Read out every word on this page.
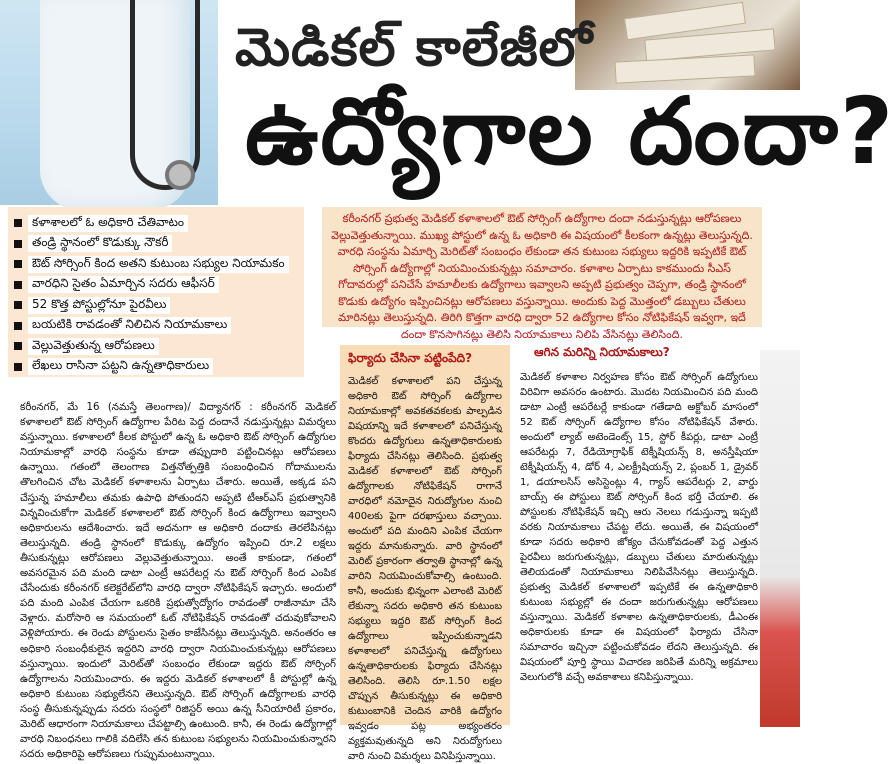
మెడికల్ కాలేజీలో
ఉద్యోగాల దందా?
కళాశాలలో ఓ అధికారి చేతివాటం
తండ్రి స్థానంలో కొడుక్కు నౌకరీ
ఔట్ సోర్సింగ్ కింద అతని కుటుంబ సభ్యుల నియామకం
వారధిని సైతం ఏమార్చిన సదరు ఆఫీసర్
52 కొత్త పోస్టుల్లోనూ పైరవీలు
బయటికి రావడంతో నిలిచిన నియామకాలు
వెల్లువెత్తుతున్న ఆరోపణలు
లేఖలు రాసినా పట్టని ఉన్నతాధికారులు

కరీంనగర్ ప్రభుత్వ మెడికల్ కళాశాలలో ఔట్ సోర్సింగ్ ఉద్యోగాల దందా నడుస్తున్నట్లు ఆరోపణలు వెల్లువెత్తుతున్నాయి. ముఖ్య పోస్టులో ఉన్న ఓ అధికారి ఈ విషయంలో కీలకంగా ఉన్నట్లు తెలుస్తున్నది. వారధి సంస్థను ఏమార్చి మెరిట్‌తో సంబంధం లేకుండా తన కుటుంబ సభ్యులు ఇద్దరికి ఇప్పటికే ఔట్ సోర్సింగ్ ఉద్యోగాల్లో నియమించుకున్నట్లు సమాచారం. కళాశాల ఏర్పాటు కాకముందు సీఎస్ గోదావరుల్లో పనిచేసే హమాలీలకు ఉద్యోగాలు ఇవ్వాలని అప్పటి ప్రభుత్వం చెప్పగా, తండ్రి స్థానంలో కొడుకు ఉద్యోగం ఇప్పించినట్లు ఆరోపణలు వస్తున్నాయి. అందుకు పెద్ద మొత్తంలో డబ్బులు చేతులు మారినట్లు తెలుస్తున్నది. తిరిగి కొత్తగా వారధి ద్వారా 52 ఉద్యోగాల కోసం నోటిఫికేషన్ ఇవ్వగా, ఇదే దందా కొనసాగినట్లు తెలిసి నియామకాలు నిలిపి వేసినట్లు తెలిసింది.

కరీంనగర్, మే 16 (నమస్తే తెలంగాణ)/ విద్యానగర్ : కరీంనగర్ మెడికల్ కళాశాలలో ఔట్ సోర్సింగ్ ఉద్యోగాల పేరిట పెద్ద దందానే నడుస్తున్నట్లు విమర్శలు వస్తున్నాయి. కళాశాలలో కీలక పోస్టులో ఉన్న ఓ అధికారి ఔట్ సోర్సింగ్ ఉద్యోగుల నియామకాల్లో వారధి సంస్థను కూడా తప్పుదారి పట్టించినట్లు ఆరోపణలు ఉన్నాయి. గతంలో తెలంగాణ విత్తనోత్పత్తికి సంబంధించిన గోదాములను తొలగించిన చోట మెడికల్ కళాశాలను ఏర్పాటు చేశారు. అయితే, అక్కడ పని చేస్తున్న హమాలీలు తమకు ఉపాధి పోతుందని అప్పటి టీఆర్ఎస్ ప్రభుత్వానికి విన్నవించుకోగా మెడికల్ కళాశాలలో ఔట్ సోర్సింగ్ కింద ఉద్యోగాలు ఇవ్వాలని అధికారులను ఆదేశించారు. ఇదే అదనుగా ఆ అధికారి దందాకు తెరలేపినట్లు తెలుస్తున్నది. తండ్రి స్థానంలో కొడుక్కు ఉద్యోగం ఇప్పించి రూ.2 లక్షలు తీసుకున్నట్లు ఆరోపణలు వెల్లువెత్తుతున్నాయి. అంతే కాకుండా, గతంలో అవసరమైన పది మంది డాటా ఎంట్రీ ఆపరేటర్ల ను ఔట్ సోర్సింగ్ కింద ఎంపిక చేసేందుకు కరీంనగర్ కలెక్టరేట్‌లోని వారధి ద్వారా నోటిఫికేషన్ ఇచ్చారు. అందులో పది మంది ఎంపిక చేయగా ఒకరికి ప్రభుత్వోద్యోగం రావడంతో రాజీనామా చేసి వెళ్లారు. మరోసారి ఆ సమయంలో ఓట్ నోటిఫికేషన్ రావడంతో చదువుకోవాలని వెళ్లిపోయారు. ఈ రెండు పోస్టులను సైతం కాజేసినట్లు తెలుస్తున్నది. అనంతరం ఆ అధికారి సంబంధీకులైన ఇద్దరిని వారధి ద్వారా నియమించుకున్నట్లు ఆరోపణలు వస్తున్నాయి. ఇందులో మెరిట్‌తో సంబంధం లేకుండా ఇద్దరు ఔట్ సోర్సింగ్ ఉద్యోగాలను నియమించారు. ఈ ఇద్దరు మెడికల్ కళాశాలలో కీ పోస్టుల్లో ఉన్న అధికారి కుటుంబ సభ్యులేనని తెలుస్తున్నది. ఔట్ సోర్సింగ్ ఉద్యోగాలకు వారధి సంస్థ తీసుకున్నప్పుడు సదరు సంస్థలో రిజిస్టర్ అయి ఉన్న సీనియారిటీ ప్రకారం, మెరిట్ ఆధారంగా నియామకాలు చేపట్టాల్సి ఉంటుంది. కానీ, ఈ రెండు ఉద్యోగాల్లో వారధి నిబంధనలు గాలికి వదిలేసి తన కుటుంబ సభ్యులను నియమించుకున్నారని సదరు అధికారిపై ఆరోపణలు గుప్పుమంటున్నాయి.

ఫిర్యాదు చేసినా పట్టింపేది?

మెడికల్ కళాశాలలో పని చేస్తున్న అధికారి ఔట్ సోర్సింగ్ ఉద్యోగాల నియామకాల్లో అవకతవకలకు పాల్పడిన విషయాన్ని ఇదే కళాశాలలో పనిచేస్తున్న కొందరు ఉద్యోగులు ఉన్నతాధికారులకు ఫిర్యాదు చేసినట్లు తెలిసింది. ప్రభుత్వ మెడికల్ కళాశాలలో ఔట్ సోర్సింగ్ ఉద్యోగాలకు నోటిఫికేషన్ రాగానే వారధిలో నమోదైన నిరుద్యోగుల నుంచి 400లకు పైగా దరఖాస్తులు వచ్చాయి. అందులో పది మందిని ఎంపిక చేయగా ఇద్దరు మానుకున్నారు. వారి స్థానంలో మెరిట్ ప్రకారంగా తర్వాతి స్థానాల్లో ఉన్న వారిని నియమించుకోవాల్సి ఉంటుంది. కానీ, అందుకు భిన్నంగా ఎలాంటి మెరిట్ లేకున్నా సదరు అధికారి తన కుటుంబ సభ్యులు ఇద్దరి ఔట్ సోర్సింగ్ కింద ఉద్యోగాలు ఇప్పించుకున్నాడని కళాశాలలో పనిచేస్తున్న ఉద్యోగులు ఉన్నతాధికారులకు ఫిర్యాదు చేసినట్లు తెలిసింది. తెలిసి రూ.1.50 లక్షల చొప్పున తీసుకున్నట్లు ఈ అధికారి కుటుంబానికి చెందిన వారికి ఉద్యోగం ఇవ్వడం పట్ల అభ్యంతరం వ్యక్తమవుతున్నది అని నిరుద్యోగులు వారి నుంచి విమర్శలు వినిపిస్తున్నాయి.

ఆగిన మరిన్ని నియామకాలు?

మెడికల్ కళాశాల నిర్వహణ కోసం ఔట్ సోర్సింగ్ ఉద్యోగులు విరివిగా అవసరం ఉంటారు. మొదట నియమించిన పది మంది డాటా ఎంట్రీ ఆపరేటర్లే కాకుండా గతేడాది అక్టోబర్ మాసంలో 52 ఔట్ సోర్సింగ్ ఉద్యోగాల కోసం నోటిఫికేషన్ వేశారు. అందులో ల్యాబ్ అటెండెంట్స్ 15, స్టోర్ కీపర్లు, డాటా ఎంట్రీ ఆపరేటర్లు 7, రేడియోగ్రాఫిక్ టెక్నీషియన్స్ 8, అనస్తీషియా టెక్నీషియన్స్ 4, డోర్ 4, ఎలక్ట్రీషియన్స్ 2, ప్లంబర్ 1, డ్రైవర్ 1, డయాలసిస్ అసిస్టెంట్లు 4, గ్యాస్ ఆపరేటర్లు 2, వార్డు బాయ్స్ ఈ పోస్టులు ఔట్ సోర్సింగ్ కింద భర్తీ చేయాలి. ఈ పోస్టులకు నోటిఫికేషన్ ఇచ్చి ఆరు నెలలు గడుస్తున్నా ఇప్పటి వరకు నియామకాలు చేపట్ట లేదు. అయితే, ఈ విషయంలో కూడా సదరు అధికారి జోక్యం చేసుకోవడంతో పెద్ద ఎత్తున పైరవీలు జరుగుతున్నట్లు, డబ్బులు చేతులు మారుతున్నట్లు తెలియడంతో నియామకాలు నిలిపివేసినట్లు తెలుస్తున్నది. ప్రభుత్వ మెడికల్ కళాశాలలో ఇప్పటికే ఈ ఉన్నతాధికారి కుటుంబ సభ్యుల్లో ఈ దందా జరుగుతున్నట్లు ఆరోపణలు వస్తున్నాయి. మెడికల్ కళాశాల ఉన్నతాధికారులకు, డీఎంఈ అధికారులకు కూడా ఈ విషయంలో ఫిర్యాదు చేసినా సమాచారం ఇచ్చినా పట్టించుకోవడం లేదని తెలుస్తున్నది. ఈ విషయంలో పూర్తి స్థాయి విచారణ జరిపితే మరిన్ని అక్రమాలు వెలుగులోకి వచ్చే అవకాశాలు కనిపిస్తున్నాయి.
